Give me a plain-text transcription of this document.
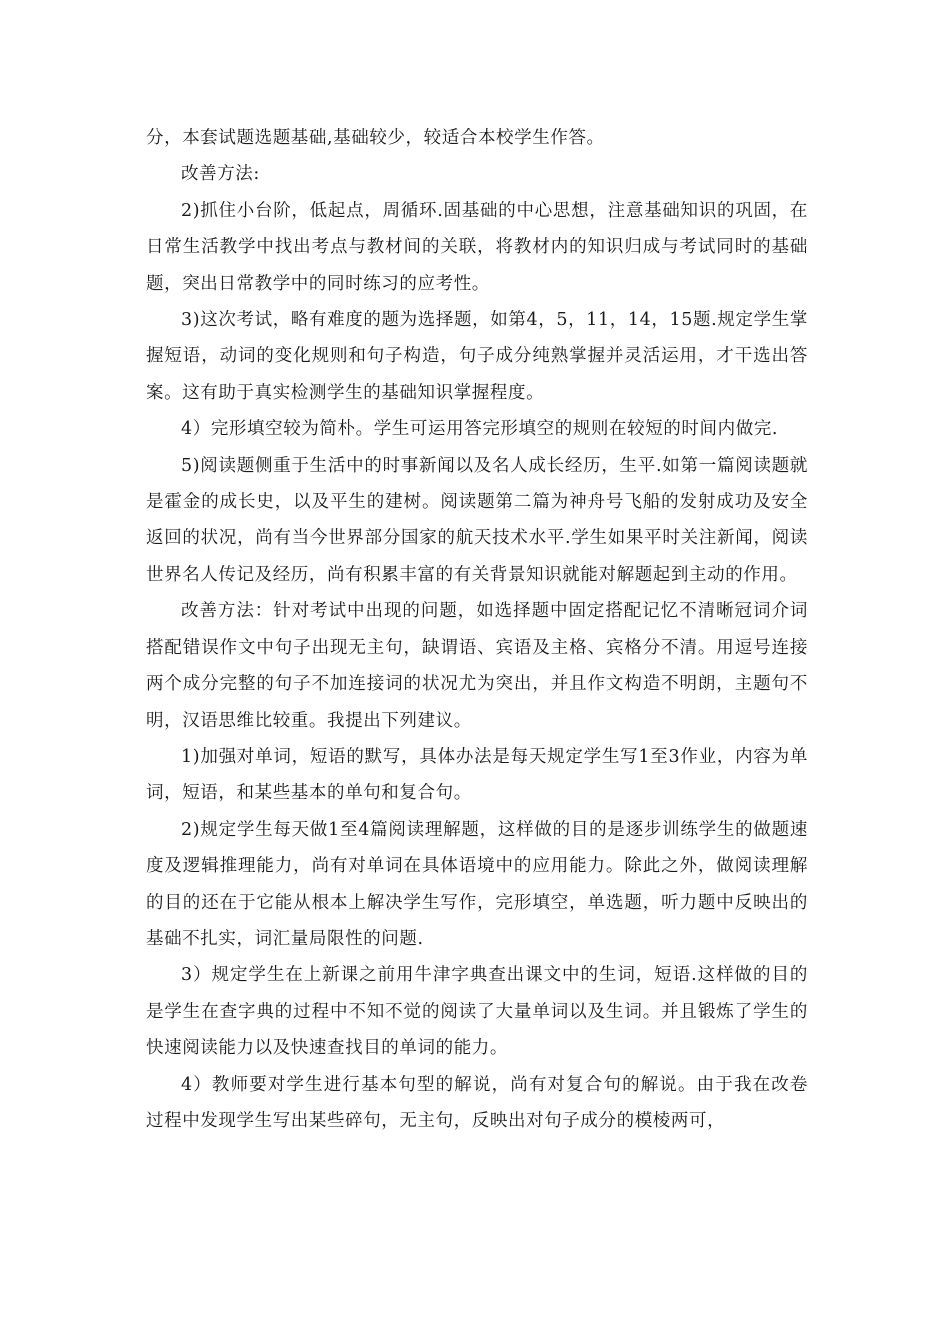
分，本套试题选题基础,基础较少，较适合本校学生作答。

改善方法:

2)抓住小台阶，低起点，周循环.固基础的中心思想，注意基础知识的巩固，在日常生活教学中找出考点与教材间的关联，将教材内的知识归成与考试同时的基础题，突出日常教学中的同时练习的应考性。

3)这次考试，略有难度的题为选择题，如第4，5，11，14，15题.规定学生掌握短语，动词的变化规则和句子构造，句子成分纯熟掌握并灵活运用，才干选出答案。这有助于真实检测学生的基础知识掌握程度。

4）完形填空较为简朴。学生可运用答完形填空的规则在较短的时间内做完.

5)阅读题侧重于生活中的时事新闻以及名人成长经历，生平.如第一篇阅读题就是霍金的成长史，以及平生的建树。阅读题第二篇为神舟号飞船的发射成功及安全返回的状况，尚有当今世界部分国家的航天技术水平.学生如果平时关注新闻，阅读世界名人传记及经历，尚有积累丰富的有关背景知识就能对解题起到主动的作用。

改善方法：针对考试中出现的问题，如选择题中固定搭配记忆不清晰冠词介词搭配错误作文中句子出现无主句，缺谓语、宾语及主格、宾格分不清。用逗号连接两个成分完整的句子不加连接词的状况尤为突出，并且作文构造不明朗，主题句不明，汉语思维比较重。我提出下列建议。

1)加强对单词，短语的默写，具体办法是每天规定学生写1至3作业，内容为单词，短语，和某些基本的单句和复合句。

2)规定学生每天做1至4篇阅读理解题，这样做的目的是逐步训练学生的做题速度及逻辑推理能力，尚有对单词在具体语境中的应用能力。除此之外，做阅读理解的目的还在于它能从根本上解决学生写作，完形填空，单选题，听力题中反映出的基础不扎实，词汇量局限性的问题.

3）规定学生在上新课之前用牛津字典查出课文中的生词，短语.这样做的目的是学生在查字典的过程中不知不觉的阅读了大量单词以及生词。并且锻炼了学生的快速阅读能力以及快速查找目的单词的能力。

4）教师要对学生进行基本句型的解说，尚有对复合句的解说。由于我在改卷过程中发现学生写出某些碎句，无主句，反映出对句子成分的模棱两可，
